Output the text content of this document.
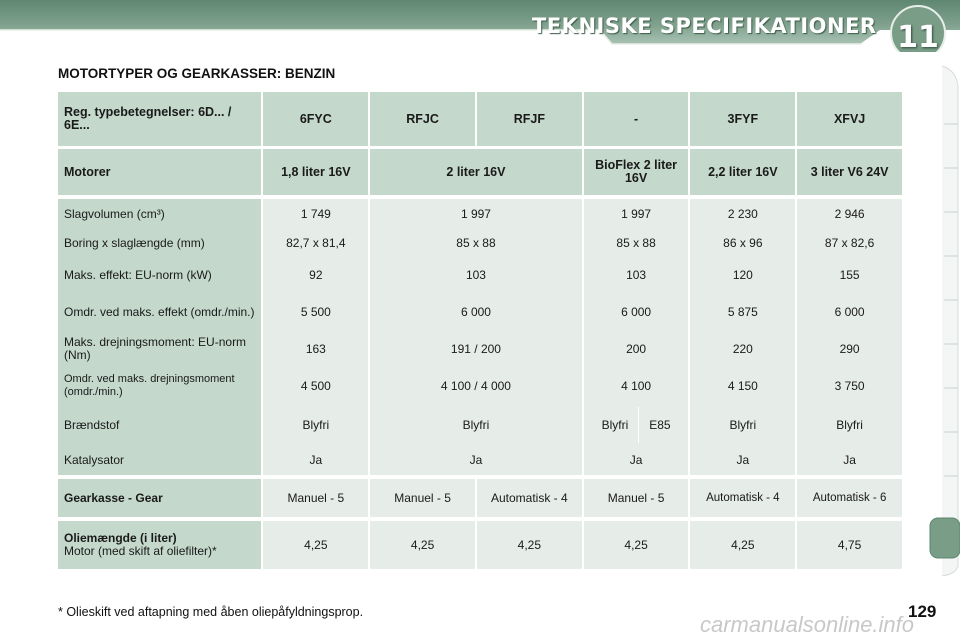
TEKNISKE SPECIFIKATIONER 11
MOTORTYPER OG GEARKASSER: BENZIN
Reg. typebetegnelser: 6D... / 6E...	6FYC	RFJC	RFJF	-	3FYF	XFVJ
Motorer	1,8 liter 16V	2 liter 16V		BioFlex 2 liter 16V	2,2 liter 16V	3 liter V6 24V
Slagvolumen (cm³)	1 749	1 997		1 997	2 230	2 946
Boring x slaglængde (mm)	82,7 x 81,4	85 x 88		85 x 88	86 x 96	87 x 82,6
Maks. effekt: EU-norm (kW)	92	103		103	120	155
Omdr. ved maks. effekt (omdr./min.)	5 500	6 000		6 000	5 875	6 000
Maks. drejningsmoment: EU-norm (Nm)	163	191 / 200		200	220	290
Omdr. ved maks. drejningsmoment (omdr./min.)	4 500	4 100 / 4 000		4 100	4 150	3 750
Brændstof	Blyfri	Blyfri		Blyfri E85	Blyfri	Blyfri
Katalysator	Ja	Ja		Ja	Ja	Ja
Gearkasse - Gear	Manuel - 5	Manuel - 5	Automatisk - 4	Manuel - 5	Automatisk - 4	Automatisk - 6

Oliemængde (i liter)
Motor (med skift af oliefilter)*	4,25	4,25	4,25	4,25	4,25	4,75
* Olieskift ved aftapning med åben oliepåfyldningsprop.	carmanualsonline.info
129
